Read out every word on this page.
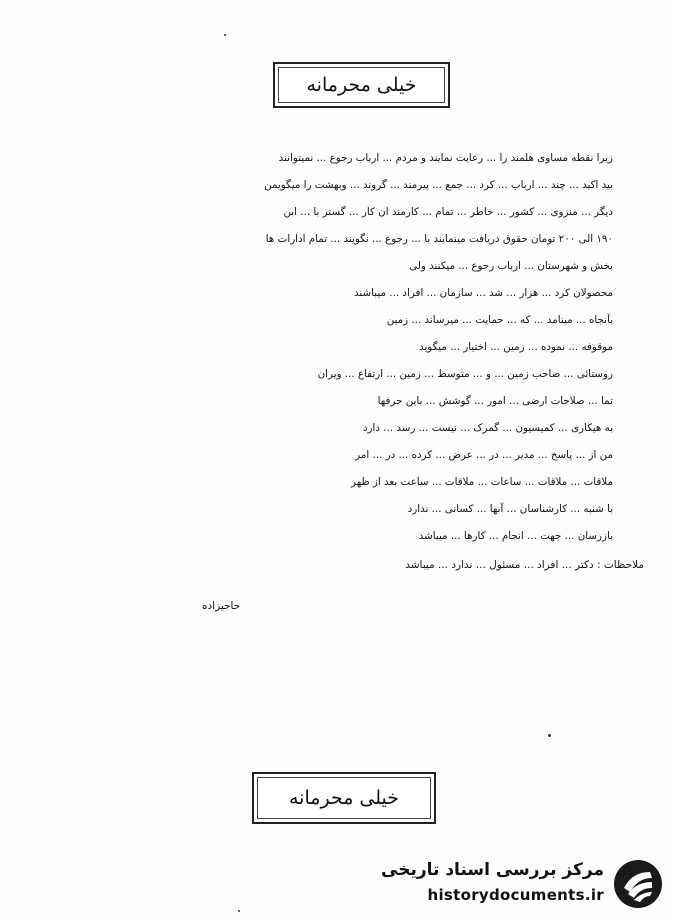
خیلی محرمانه
زیرا نقطه مساوی هلمند را ... رعایت نمایند و مردم ... ارباب رجوع ... نمیتوانند
بید اکبد ... چند ... ارباب ... کرد ... جمع ... پیرمند ... گروند ... وبهشت را میگویمن
دیگر ... منزوی ... کشور ... خاطر ... تمام ... کارمند ان کار ... گستر با ... ابن
۱۹۰ الی ۲۰۰ تومان حقوق دریافت مینمایند با ... رجوع ... نگویند ... تمام ادارات ها
بخش و شهرستان ... ارباب رجوع ... میکنند ولی
محصولان کرد ... هزار ... شد ... سازمان ... افراد ... میباشند
بآنجاه ... مینامد ... که ... حمایت ... میرساند ... زمین
موقوفه ... نموده ... زمین ... اختیار ... میگوید
روستائی ... صاحب زمین ... و ... متوسط ... زمین ... ارتفاع ... ویران
تما ... صلاحات ارضی ... امور ... گوشش ... باین حرفها
به هیکاری ... کمیسیون ... گمرک ... نیست ... رسد ... دارد
من از ... پاسخ ... مدیر ... در ... عرض ... کرده ... در ... امر
ملاقات ... ملاقات ... ساعات ... ملاقات ... ساعت بعد از ظهر
با شنبه ... کارشناسان ... آنها ... کسانی ... ندارد
بازرسان ... جهت ... انجام ... کارها ... میباشد
ملاحظات : دکتر ... افراد ... مسئول ... ندارد ... میباشد
حاجیزاده
خیلی محرمانه
مرکز بررسی اسناد تاریخی
historydocuments.ir
